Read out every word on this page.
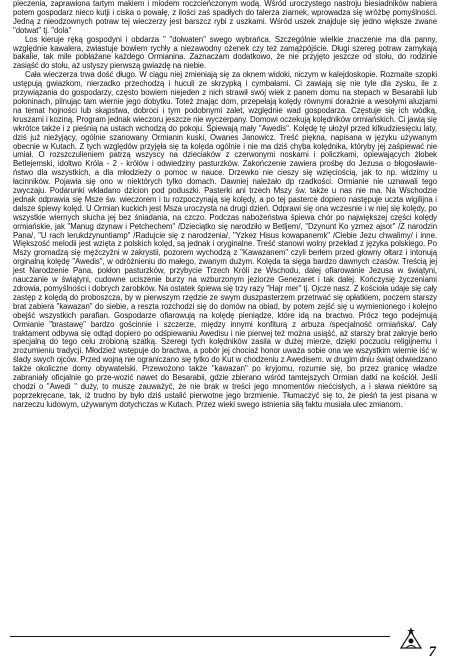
pieczenia, zaprawiona tartym makiem i miodem roczcieńczonym wodą. Wśród uroczystego nastroju biesiadników nabiera potem gospodarz nieco kutji i ciska o powałę, z ilości zaś spadłych do talerza ziarnek, wprowadza się wróżbę pomyślności. Jedną z nieodzownych potraw tej wieczerzy jest barszcz rybi z uszkami. Wśród uszek znajduje się jedno większe zwane "dotwat" tj. "dola"

Los kieruje ręką gospodyni i obdarza " "dołwaten" swego wybrańca. Szczególnie wielkie znaczenie ma dla panny, względnie kawalera, zwiastuje bowiem rychły a niezawodny ożenek czy też zamążpójście. Długi szereg potraw zamykają bakalie, tak mile pobłażane każdego Ormianina. Zaznaczam dodatkowo, że nie przyjęto jeszcze od stołu, do rodzinie zasiąść do stołu, aż ustyszy pierwszą gwiazdę na niebie.

Cała wieczerza trwa dość długo. W ciągu niej zmieniają się za oknem widoki, niczym w kalejdoskopie. Rozmaite szopki ustępują gwiazkom, nierzadko przechodzą i huculi ze skrzypką i cymbałami. Ci zawiają się nie tyle dla zysku, ile z przywiązania do gospodarzy, często bowiem niejeden z nich strawił swój wiek z panem domu na stepach w Besarabii lub połoninach, pilnując tam wiernie jego dobytku. Toteż znając dom, przepełają kolędy równymi dorażnie a wesołymi aluzjami na temat hojności lub skąpstwa, dobroci i tym podobnymi zalet, względnie wad gospodarza. Częstuje się ich wódką, kruszami i koziną. Program jednak wieczoru jeszcze nie wyczerpany. Domowi oczekują kolędników ormiańskich. Ci jawią się wkrótce także i z pieśnią na ustach wchodzą do pokoju. Śpiewają mały "Awedis". Kolędę tę ułożył przed kilkudziesięciu laty, dziś już nieżyjący, ogólnie szanowany Ormianin kuski, Owanes Janowicz. Treść piękna, napisana w języku używanym obecnie w Kutach. Z tych względów przyjęła się ta kolęda ogólnie i nie ma dziś chyba kolędnika, któryby jej zaśpiewać nie umiał. O rozszczulieniem patrzą wszyscy na dzieciaków z czerwonymi noskami i policzkami, opiewających żłobek Betlejemski, idoltwo Króla - 2 - królów i odwiedziny pasturzków. Zakończenie zawiera prośbę do Jezusa o błogosławie- ństwo dla wszystkich, a dla młodzieży o pomoc w nauce. Drzewko nie cieszy się wzięciością, jak to np. widzimy u łacinników. Pojawia się ono w niektórych tylko domach. Dawniej należało dp rzadkości. Ormianie nie uznawali tego zwyczaju. Podarunki wkładano dzicion pod poduszki. Pasterki ani trzech Mszy św. także u nas nie ma. Na Wschodzie jednak odprawia się Msze św. wieczorem i tu rozpoczynają się kolędy, a po tej pasterce dopiero następuje uczta wigilijna i dalsze śpiewy kolęd. U Ormian kuckich jest Msza uroczysta na drugi dzień. Odprawi się ona wczesnie i w niej się kolędy, po wszystkie wiernych słucha jej bez śniadania, na czczo. Podczas nabożeństwa śpiewa chór po największej części kolędy ormiańskie, jak "Manug dzynaw i Petchechem" /Dzieciątko się narodziło w Betljem/, "Dzynunt Ko yzmez ajsor" /Z narodzin Pana/, "U rach lerukdzynuntiamp" /Radujcie się z narodzenia/, "Yzkez Hisus kowapanemk" /Ciebie Jezu chwalimy/ i inne. Większość melodii jest wzięta z polskich kolęd, są jednak i oryginalne. Treść stanowi wolny przekład z języka polskiego. Po Mszy gromadzą się mężczyźni w zakrystii, pozorem wychodzą z "Kawazanem" czyli berłem przed głowny ołtarz i intonują orginalną kolędę "Awedis", w odróżnieniu do małego, zwanym dużym. Kolęda ta sięga bardzo dawnych czasów. Treścią jej jest Narodzenie Pana, pokłon pasturzków, przybycie Trzech Króli ze Wschodu, dalej ofiarowanie Jezusa w świątyni, nauczanie w świątyni, cudowne uciszenie burzy na wzburzonym jeziorze Genezaret i tak dalej. Kończysię życzeniami zdrowia, pomyślności i dobrych zarobków. Na ostatek śpiewa się trzy razy "Hajr mer" tj. Ojcze nasz. Z kościoła udaje się cały zastęp z kolędą do proboszcza, by w pierwszym rzędzie ze swym duszpasterzem przetrwać się opłatkiem, poczem starszy brat zabiera "kawazan" do siebie, a reszta rozchodzi się do domów na obiad, by potem zejść się u wymienionego i kolejno obejść wszystkich parafian. Gospodarze ofiarowują na kolędę pieniądze, które idą na bractwo. Prócz tego podejmują Ormianie "brastawę" bardzo gościnnie i szczerze, między innymi konfiturą z arbuza /specjalność ormiańska/. Cały traktament odbywa się odtąd dopiero po odśpiewaniu Awedisu i nie pierwej też można usiąść, aż starszy brat zakryje berło specjalną do tego celu zrobioną szatką. Szeregi tych kolędników zasila w dużej mierze, dzięki poczuciu religijnemu i zrozumieniu tradycji. Młodzież wstępuje do bractwa, a pobór jej chociaż honor uważa sobie ona we wszystkim wiernie iść w ślady swych ojców. Przed wojną nie ograniczano się tylko do Kut w chodzeniu z Awedisem. w drugim dniu świąt odwiedzano także okoliczne domy obywatelski. Przewożono także "kawazan" po kryjomu, rozumie się, bo przez granicę władze zabraniały oficjalnie go prze-wozić nawet do Besarabii, gdzie zbierano wśród tamtejszych Ormian datki na kościół. Jeśli chodzi o "Awedi " duży, to muszę zauważyć, że nie brak w treści jego mnomentów niećcisłych, a i sława niektóre są poprzekręcane, tak, iż trudno by było dziś ustalić pierwotne jego brzmienie. Tłumaczyć się to, że pieśń ta jest pisana w narzeczu ludowym, używanym dotychczas w Kutach. Przez wieki swego istnienia siłą faktu musiała ulec zmianom.

7
